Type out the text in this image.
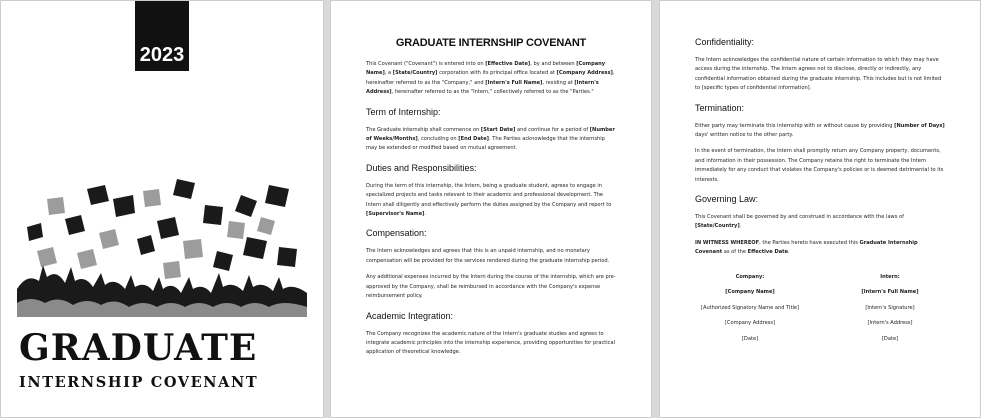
2023
GRADUATE
INTERNSHIP COVENANT
GRADUATE INTERNSHIP COVENANT

This Covenant ("Covenant") is entered into on [Effective Date], by and between [Company Name], a [State/Country] corporation with its principal office located at [Company Address], hereinafter referred to as the "Company," and [Intern's Full Name], residing at [Intern's Address], hereinafter referred to as the "Intern," collectively referred to as the "Parties."

Term of Internship:

The Graduate internship shall commence on [Start Date] and continue for a period of [Number of Weeks/Months], concluding on [End Date]. The Parties acknowledge that the internship may be extended or modified based on mutual agreement.

Duties and Responsibilities:

During the term of this internship, the Intern, being a graduate student, agrees to engage in specialized projects and tasks relevant to their academic and professional development. The Intern shall diligently and effectively perform the duties assigned by the Company and report to [Supervisor's Name].

Compensation:

The Intern acknowledges and agrees that this is an unpaid internship, and no monetary compensation will be provided for the services rendered during the graduate internship period.

Any additional expenses incurred by the Intern during the course of the internship, which are pre-approved by the Company, shall be reimbursed in accordance with the Company's expense reimbursement policy.

Academic Integration:

The Company recognizes the academic nature of the Intern's graduate studies and agrees to integrate academic principles into the internship experience, providing opportunities for practical application of theoretical knowledge.

Confidentiality:

The Intern acknowledges the confidential nature of certain information to which they may have access during the internship. The Intern agrees not to disclose, directly or indirectly, any confidential information obtained during the graduate internship. This includes but is not limited to [specific types of confidential information].

Termination:

Either party may terminate this internship with or without cause by providing [Number of Days] days' written notice to the other party.

In the event of termination, the Intern shall promptly return any Company property, documents, and information in their possession. The Company retains the right to terminate the Intern immediately for any conduct that violates the Company's policies or is deemed detrimental to its interests.

Governing Law:

This Covenant shall be governed by and construed in accordance with the laws of [State/Country].

IN WITNESS WHEREOF, the Parties hereto have executed this Graduate Internship Covenant as of the Effective Date.

Company:
[Company Name]
[Authorized Signatory Name and Title]
[Company Address]
[Date]
Intern:
[Intern's Full Name]
[Intern's Signature]
[Intern's Address]
[Date]
